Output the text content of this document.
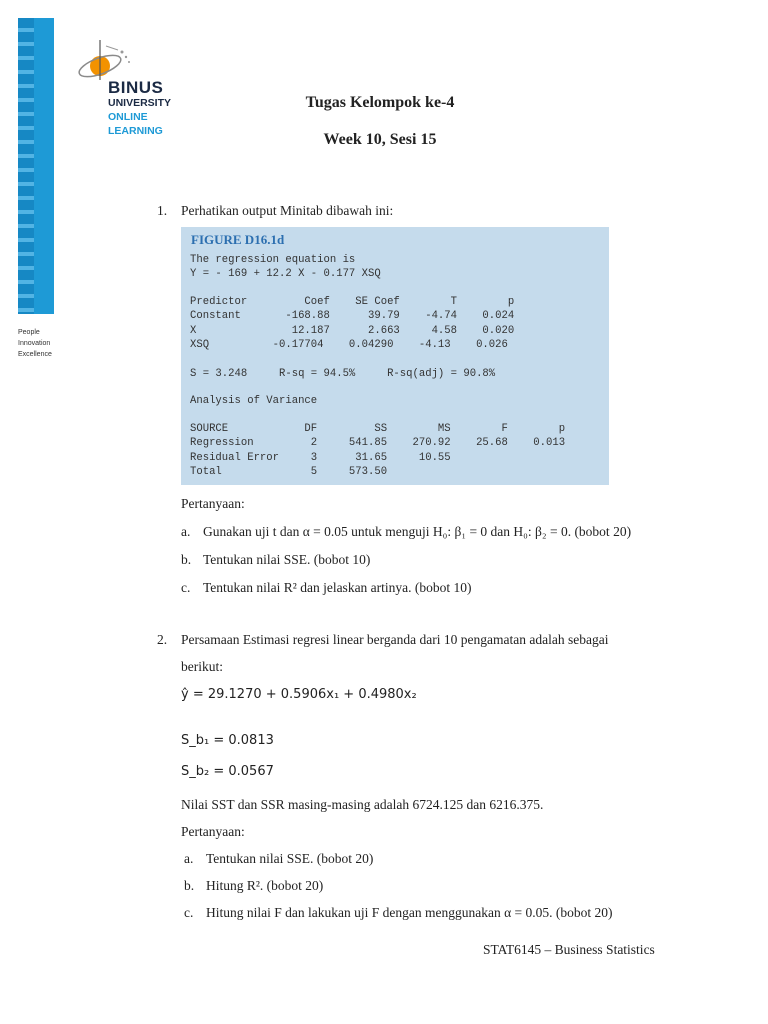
People
Innovation
Excellence
BINUS
UNIVERSITY
ONLINE
LEARNING
Tugas Kelompok ke-4
Week 10, Sesi 15
1. Perhatikan output Minitab dibawah ini:
FIGURE D16.1d
The regression equation is
Y = - 169 + 12.2 X - 0.177 XSQ
Predictor         Coef    SE Coef        T        p
Constant       -168.88      39.79    -4.74    0.024
X               12.187      2.663     4.58    0.020
XSQ          -0.17704    0.04290    -4.13    0.026
S = 3.248     R-sq = 94.5%     R-sq(adj) = 90.8%
Analysis of Variance
SOURCE            DF         SS        MS        F        p
Regression         2     541.85    270.92    25.68    0.013
Residual Error     3      31.65     10.55
Total              5     573.50
Pertanyaan:
a. Gunakan uji t dan α = 0.05 untuk menguji H₀: β₁ = 0 dan H₀: β₂ = 0. (bobot 20)
b. Tentukan nilai SSE. (bobot 10)
c. Tentukan nilai R² dan jelaskan artinya. (bobot 10)
2. Persamaan Estimasi regresi linear berganda dari 10 pengamatan adalah sebagai
berikut:
ŷ = 29.1270 + 0.5906x₁ + 0.4980x₂
S_b₁ = 0.0813
S_b₂ = 0.0567
Nilai SST dan SSR masing-masing adalah 6724.125 dan 6216.375.
Pertanyaan:
a. Tentukan nilai SSE. (bobot 20)
b. Hitung R². (bobot 20)
c. Hitung nilai F dan lakukan uji F dengan menggunakan α = 0.05. (bobot 20)
STAT6145 – Business Statistics
